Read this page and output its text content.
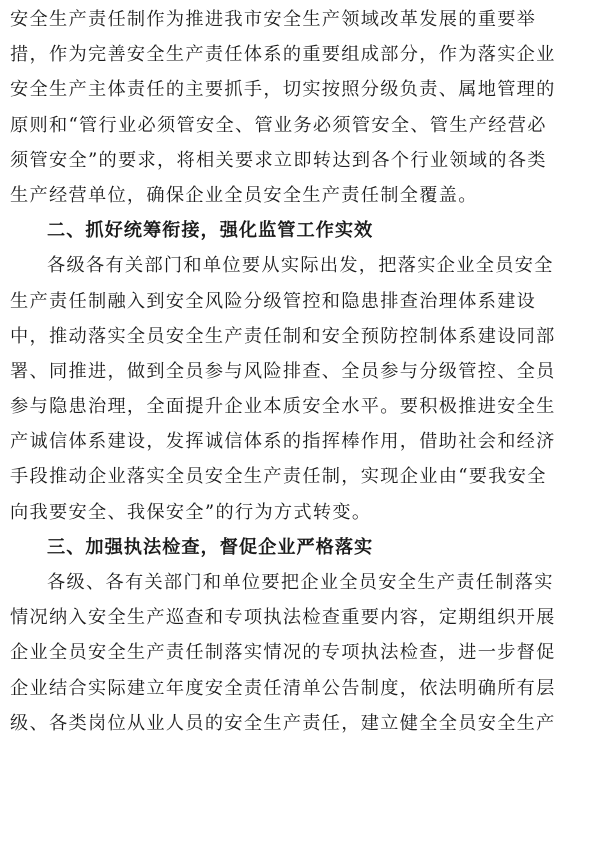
安全生产责任制作为推进我市安全生产领域改革发展的重要举
措，作为完善安全生产责任体系的重要组成部分，作为落实企业
安全生产主体责任的主要抓手，切实按照分级负责、属地管理的
原则和“管行业必须管安全、管业务必须管安全、管生产经营必
须管安全”的要求，将相关要求立即转达到各个行业领域的各类
生产经营单位，确保企业全员安全生产责任制全覆盖。
二、抓好统筹衔接，强化监管工作实效
各级各有关部门和单位要从实际出发，把落实企业全员安全
生产责任制融入到安全风险分级管控和隐患排查治理体系建设
中，推动落实全员安全生产责任制和安全预防控制体系建设同部
署、同推进，做到全员参与风险排查、全员参与分级管控、全员
参与隐患治理，全面提升企业本质安全水平。要积极推进安全生
产诚信体系建设，发挥诚信体系的指挥棒作用，借助社会和经济
手段推动企业落实全员安全生产责任制，实现企业由“要我安全
向我要安全、我保安全”的行为方式转变。
三、加强执法检查，督促企业严格落实
各级、各有关部门和单位要把企业全员安全生产责任制落实
情况纳入安全生产巡查和专项执法检查重要内容，定期组织开展
企业全员安全生产责任制落实情况的专项执法检查，进一步督促
企业结合实际建立年度安全责任清单公告制度，依法明确所有层
级、各类岗位从业人员的安全生产责任，建立健全全员安全生产
